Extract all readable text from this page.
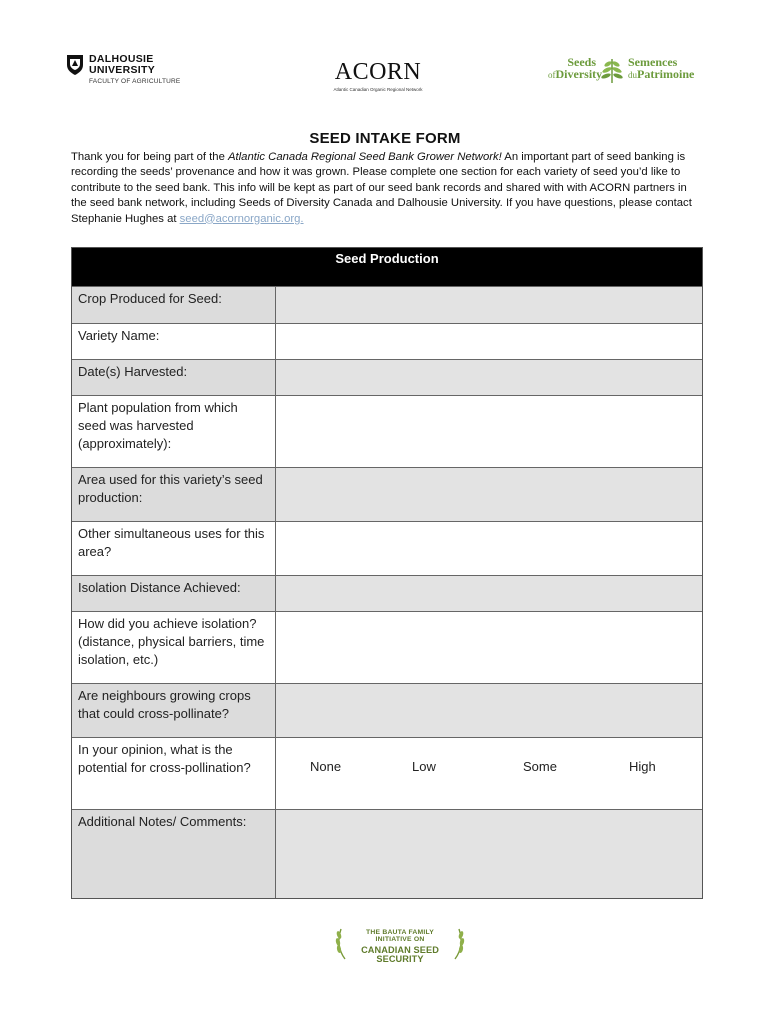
DALHOUSIE
UNIVERSITY
FACULTY OF AGRICULTURE	ACORN
Atlantic Canadian Organic Regional Network
Seeds
ofDiversity
Semences
duPatrimoine
SEED INTAKE FORM
Thank you for being part of the Atlantic Canada Regional Seed Bank Grower Network! An important part of seed banking is recording the seeds’ provenance and how it was grown. Please complete one section for each variety of seed you’d like to contribute to the seed bank. This info will be kept as part of our seed bank records and shared with with ACORN partners in the seed bank network, including Seeds of Diversity Canada and Dalhousie University. If you have questions, please contact Stephanie Hughes at seed@acornorganic.org.
Seed Production
Crop Produced for Seed:
Variety Name:
Date(s) Harvested:
Plant population from which seed was harvested (approximately):
Area used for this variety’s seed production:
Other simultaneous uses for this area?
Isolation Distance Achieved:
How did you achieve isolation? (distance, physical barriers, time isolation, etc.)
Are neighbours growing crops that could cross-pollinate?
In your opinion, what is the potential for cross-pollination?	None	Low	Some	High
Additional Notes/ Comments:
THE BAUTA FAMILY INITIATIVE ON
CANADIAN SEED SECURITY
